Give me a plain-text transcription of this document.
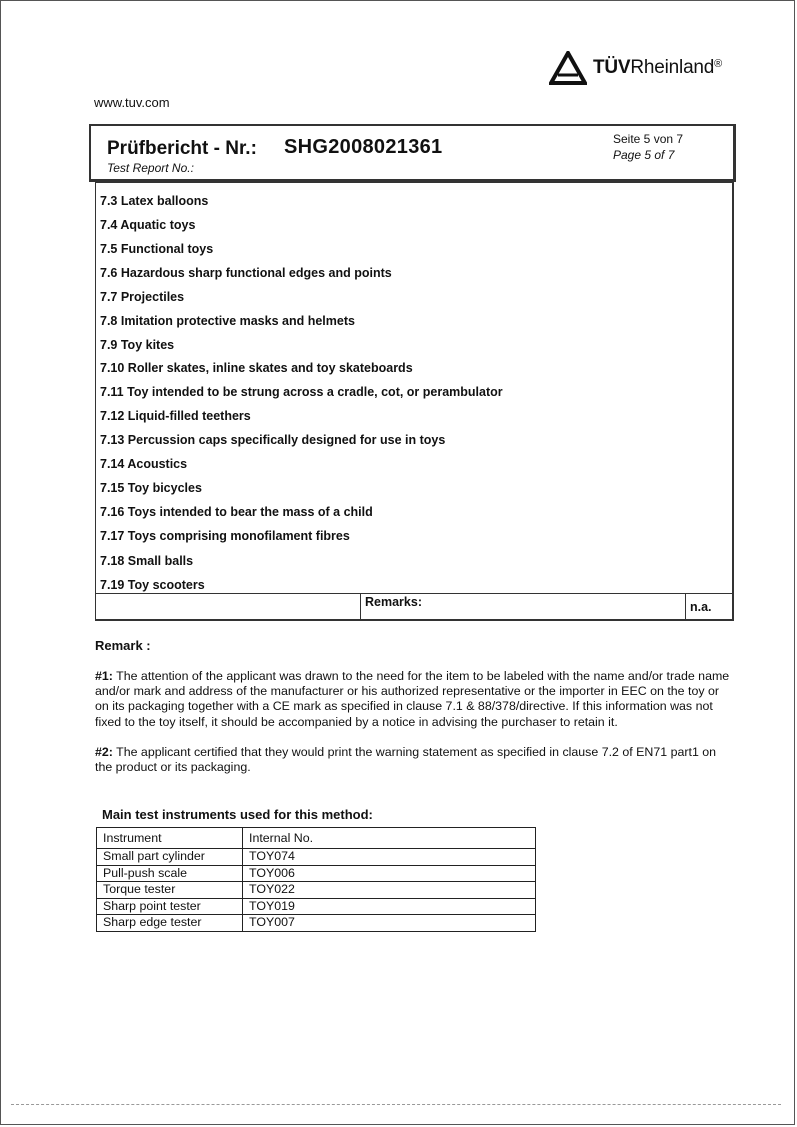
TÜVRheinland®
www.tuv.com
Prüfbericht - Nr.: SHG2008021361
Test Report No.:
Seite 5 von 7
Page 5 of 7
7.3 Latex balloons
7.4 Aquatic toys
7.5 Functional toys
7.6 Hazardous sharp functional edges and points
7.7 Projectiles
7.8 Imitation protective masks and helmets
7.9 Toy kites
7.10 Roller skates, inline skates and toy skateboards
7.11 Toy intended to be strung across a cradle, cot, or perambulator
7.12 Liquid-filled teethers
7.13 Percussion caps specifically designed for use in toys
7.14 Acoustics
7.15 Toy bicycles
7.16 Toys intended to bear the mass of a child
7.17 Toys comprising monofilament fibres
7.18 Small balls
7.19 Toy scooters
Remarks:	n.a.
Remark :
#1: The attention of the applicant was drawn to the need for the item to be labeled with the name and/or trade name and/or mark and address of the manufacturer or his authorized representative or the importer in EEC on the toy or on its packaging together with a CE mark as specified in clause 7.1 & 88/378/directive. If this information was not fixed to the toy itself, it should be accompanied by a notice in advising the purchaser to retain it.
#2: The applicant certified that they would print the warning statement as specified in clause 7.2 of EN71 part1 on the product or its packaging.
Main test instruments used for this method:
Instrument	Internal No.
Small part cylinder	TOY074
Pull-push scale	TOY006
Torque tester	TOY022
Sharp point tester	TOY019
Sharp edge tester	TOY007
